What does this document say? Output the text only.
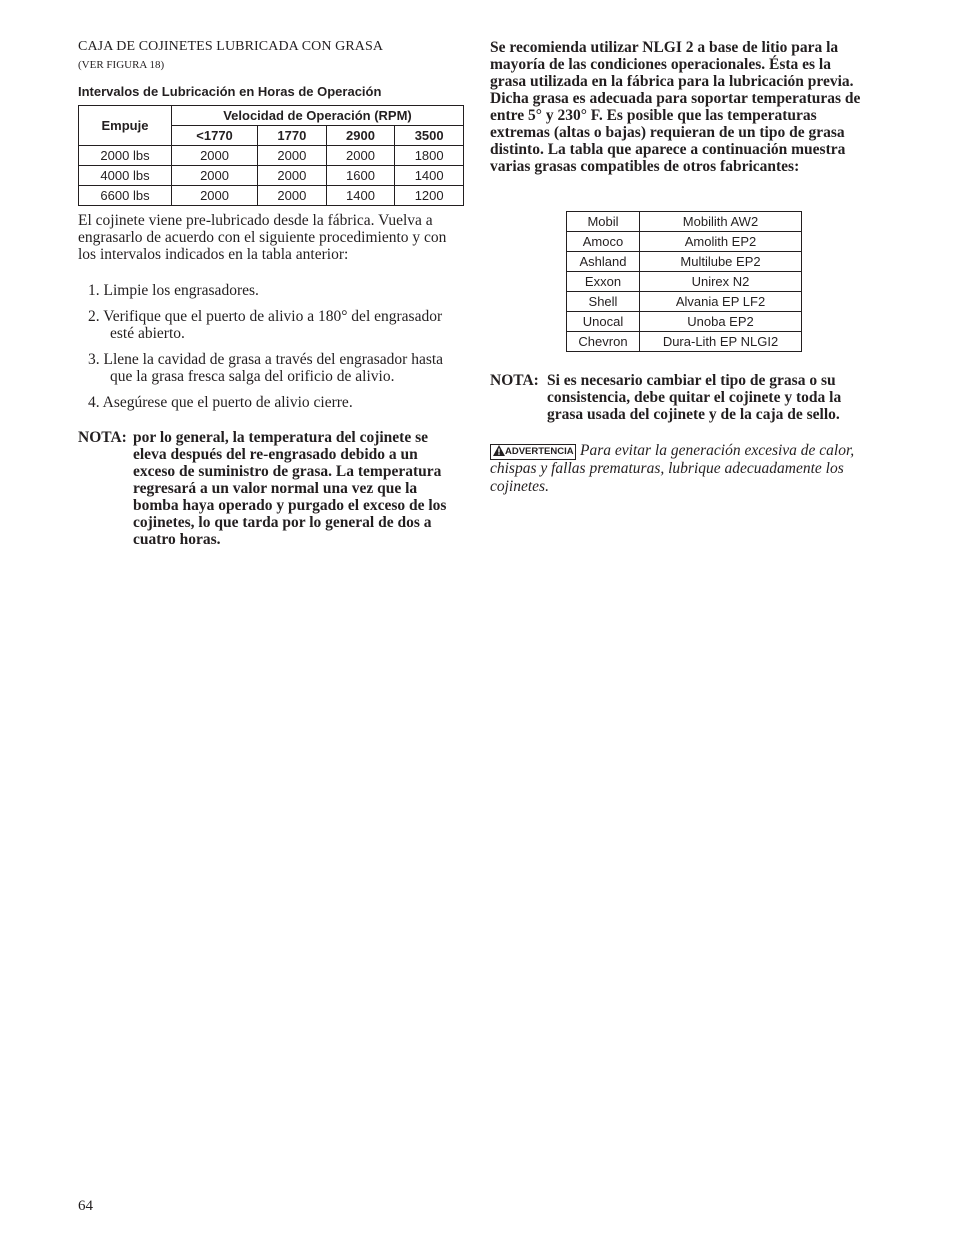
CAJA DE COJINETES LUBRICADA CON GRASA
(VER FIGURA 18)
Intervalos de Lubricación en Horas de Operación
Empuje	Velocidad de Operación (RPM)			
	<1770	1770	2900	3500
2000 lbs	2000	2000	2000	1800
4000 lbs	2000	2000	1600	1400
6600 lbs	2000	2000	1400	1200
El cojinete viene pre-lubricado desde la fábrica. Vuelva a engrasarlo de acuerdo con el siguiente procedimiento y con los intervalos indicados en la tabla anterior:
1. Limpie los engrasadores.
2. Verifique que el puerto de alivio a 180° del engrasador esté abierto.
3. Llene la cavidad de grasa a través del engrasador hasta que la grasa fresca salga del orificio de alivio.
4. Asegúrese que el puerto de alivio cierre.
NOTA: por lo general, la temperatura del cojinete se eleva después del re-engrasado debido a un exceso de suministro de grasa. La temperatura regresará a un valor normal una vez que la bomba haya operado y purgado el exceso de los cojinetes, lo que tarda por lo general de dos a cuatro horas.
Se recomienda utilizar NLGI 2 a base de litio para la mayoría de las condiciones operacionales. Ésta es la grasa utilizada en la fábrica para la lubricación previa. Dicha grasa es adecuada para soportar temperaturas de entre 5° y 230° F. Es posible que las temperaturas extremas (altas o bajas) requieran de un tipo de grasa distinto. La tabla que aparece a continuación muestra varias grasas compatibles de otros fabricantes:
Mobil	Mobilith AW2
Amoco	Amolith EP2
Ashland	Multilube EP2
Exxon	Unirex N2
Shell	Alvania EP LF2
Unocal	Unoba EP2
Chevron	Dura-Lith EP NLGI2
NOTA: Si es necesario cambiar el tipo de grasa o su consistencia, debe quitar el cojinete y toda la grasa usada del cojinete y de la caja de sello.
ADVERTENCIA Para evitar la generación excesiva de calor, chispas y fallas prematuras, lubrique adecuadamente los cojinetes.
64
